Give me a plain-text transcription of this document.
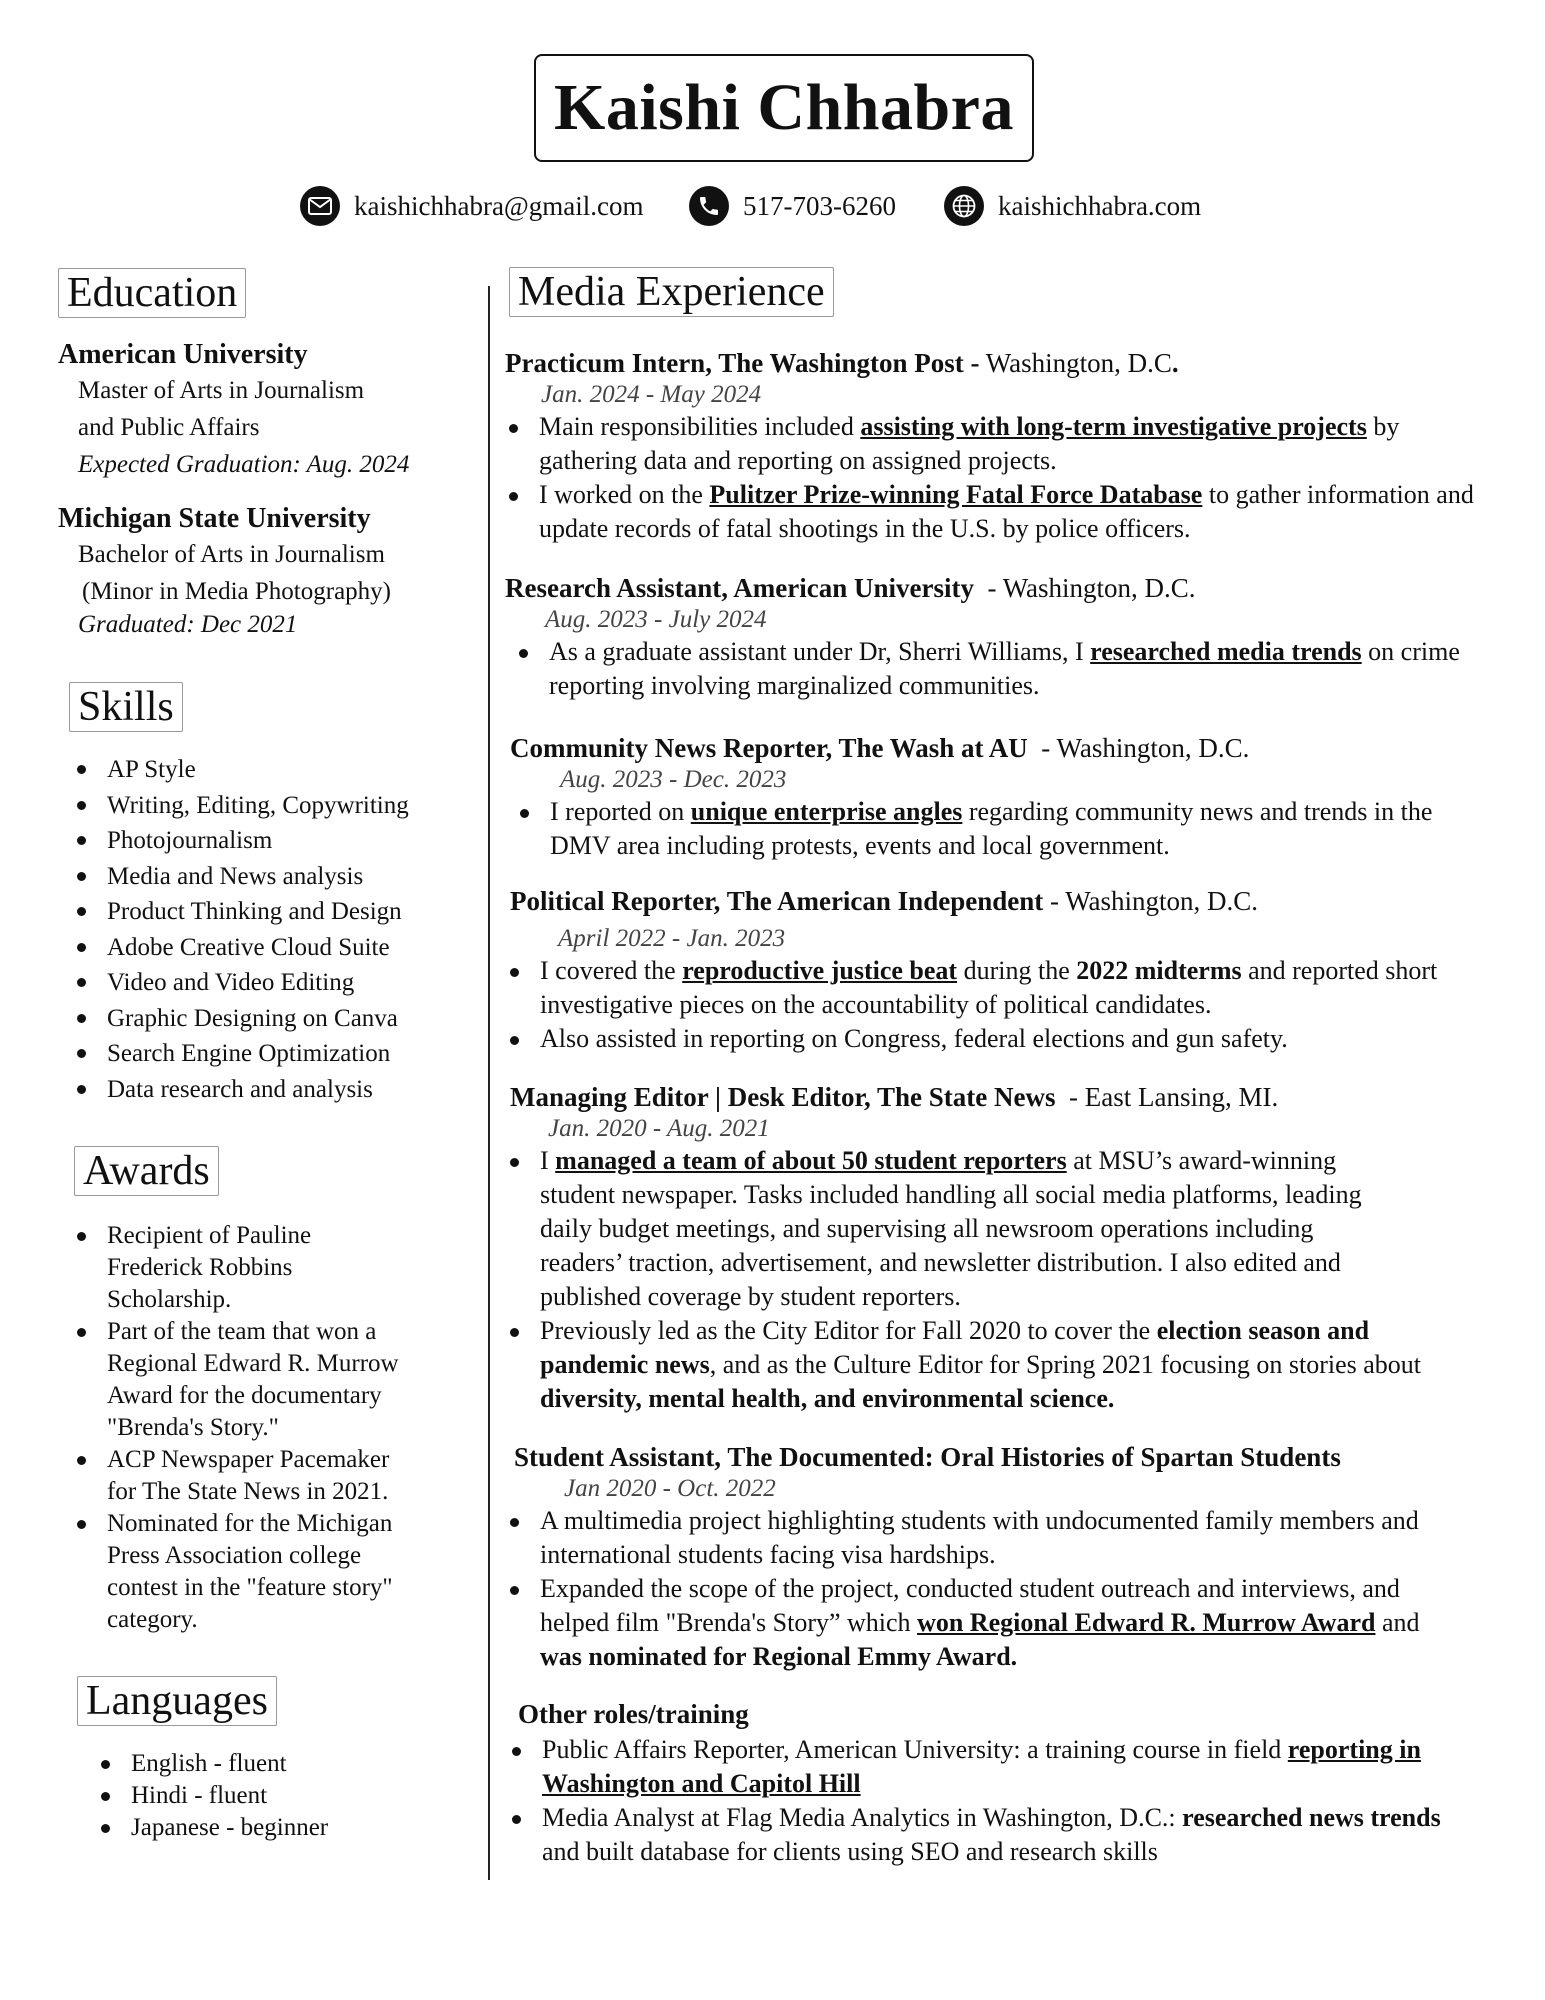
Kaishi Chhabra
kaishichhabra@gmail.com	517-703-6260	kaishichhabra.com
Education
American University
Master of Arts in Journalism
and Public Affairs
Expected Graduation: Aug. 2024
Michigan State University
Bachelor of Arts in Journalism
(Minor in Media Photography)
Graduated: Dec 2021
Skills
AP Style
Writing, Editing, Copywriting
Photojournalism
Media and News analysis
Product Thinking and Design
Adobe Creative Cloud Suite
Video and Video Editing
Graphic Designing on Canva
Search Engine Optimization
Data research and analysis
Awards
Recipient of Pauline
Frederick Robbins
Scholarship.
Part of the team that won a
Regional Edward R. Murrow
Award for the documentary
"Brenda's Story."
ACP Newspaper Pacemaker
for The State News in 2021.
Nominated for the Michigan
Press Association college
contest in the "feature story"
category.
Languages
English - fluent
Hindi - fluent
Japanese - beginner
Media Experience
Practicum Intern, The Washington Post - Washington, D.C.
Jan. 2024 - May 2024
Main responsibilities included assisting with long-term investigative projects by gathering data and reporting on assigned projects.
I worked on the Pulitzer Prize-winning Fatal Force Database to gather information and update records of fatal shootings in the U.S. by police officers.
Research Assistant, American University  - Washington, D.C.
Aug. 2023 - July 2024
As a graduate assistant under Dr, Sherri Williams, I researched media trends on crime reporting involving marginalized communities.
Community News Reporter, The Wash at AU  - Washington, D.C.
Aug. 2023 - Dec. 2023
I reported on unique enterprise angles regarding community news and trends in the DMV area including protests, events and local government.
Political Reporter, The American Independent - Washington, D.C.
April 2022 - Jan. 2023
I covered the reproductive justice beat during the 2022 midterms and reported short investigative pieces on the accountability of political candidates.
Also assisted in reporting on Congress, federal elections and gun safety.
Managing Editor | Desk Editor, The State News  - East Lansing, MI.
Jan. 2020 - Aug. 2021
I managed a team of about 50 student reporters at MSU’s award-winning student newspaper. Tasks included handling all social media platforms, leading daily budget meetings, and supervising all newsroom operations including readers’ traction, advertisement, and newsletter distribution. I also edited and published coverage by student reporters.
Previously led as the City Editor for Fall 2020 to cover the election season and pandemic news, and as the Culture Editor for Spring 2021 focusing on stories about diversity, mental health, and environmental science.
Student Assistant, The Documented: Oral Histories of Spartan Students
Jan 2020 - Oct. 2022
A multimedia project highlighting students with undocumented family members and international students facing visa hardships.
Expanded the scope of the project, conducted student outreach and interviews, and helped film "Brenda's Story” which won Regional Edward R. Murrow Award and was nominated for Regional Emmy Award.
Other roles/training
Public Affairs Reporter, American University: a training course in field reporting in Washington and Capitol Hill
Media Analyst at Flag Media Analytics in Washington, D.C.: researched news trends and built database for clients using SEO and research skills
